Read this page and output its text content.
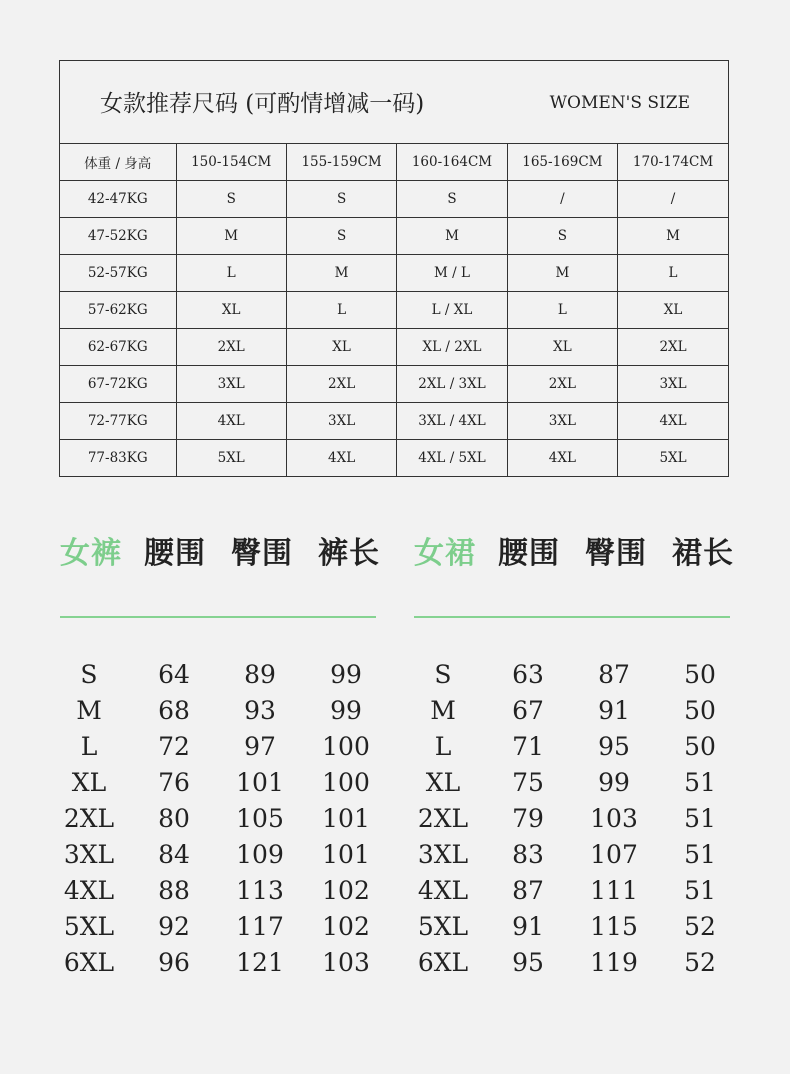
女款推荐尺码 (可酌情增减一码)	WOMEN'S SIZE
体重 / 身高	150-154CM	155-159CM	160-164CM	165-169CM	170-174CM
42-47KG	S	S	S	/	/
47-52KG	M	S	M	S	M
52-57KG	L	M	M / L	M	L
57-62KG	XL	L	L / XL	L	XL
62-67KG	2XL	XL	XL / 2XL	XL	2XL
67-72KG	3XL	2XL	2XL / 3XL	2XL	3XL
72-77KG	4XL	3XL	3XL / 4XL	3XL	4XL
77-83KG	5XL	4XL	4XL / 5XL	4XL	5XL
女裤 腰围 臀围 裤长
S	64	89	99
M	68	93	99
L	72	97	100
XL	76	101	100
2XL	80	105	101
3XL	84	109	101
4XL	88	113	102
5XL	92	117	102
6XL	96	121	103
女裙 腰围 臀围 裙长
S	63	87	50
M	67	91	50
L	71	95	50
XL	75	99	51
2XL	79	103	51
3XL	83	107	51
4XL	87	111	51
5XL	91	115	52
6XL	95	119	52
